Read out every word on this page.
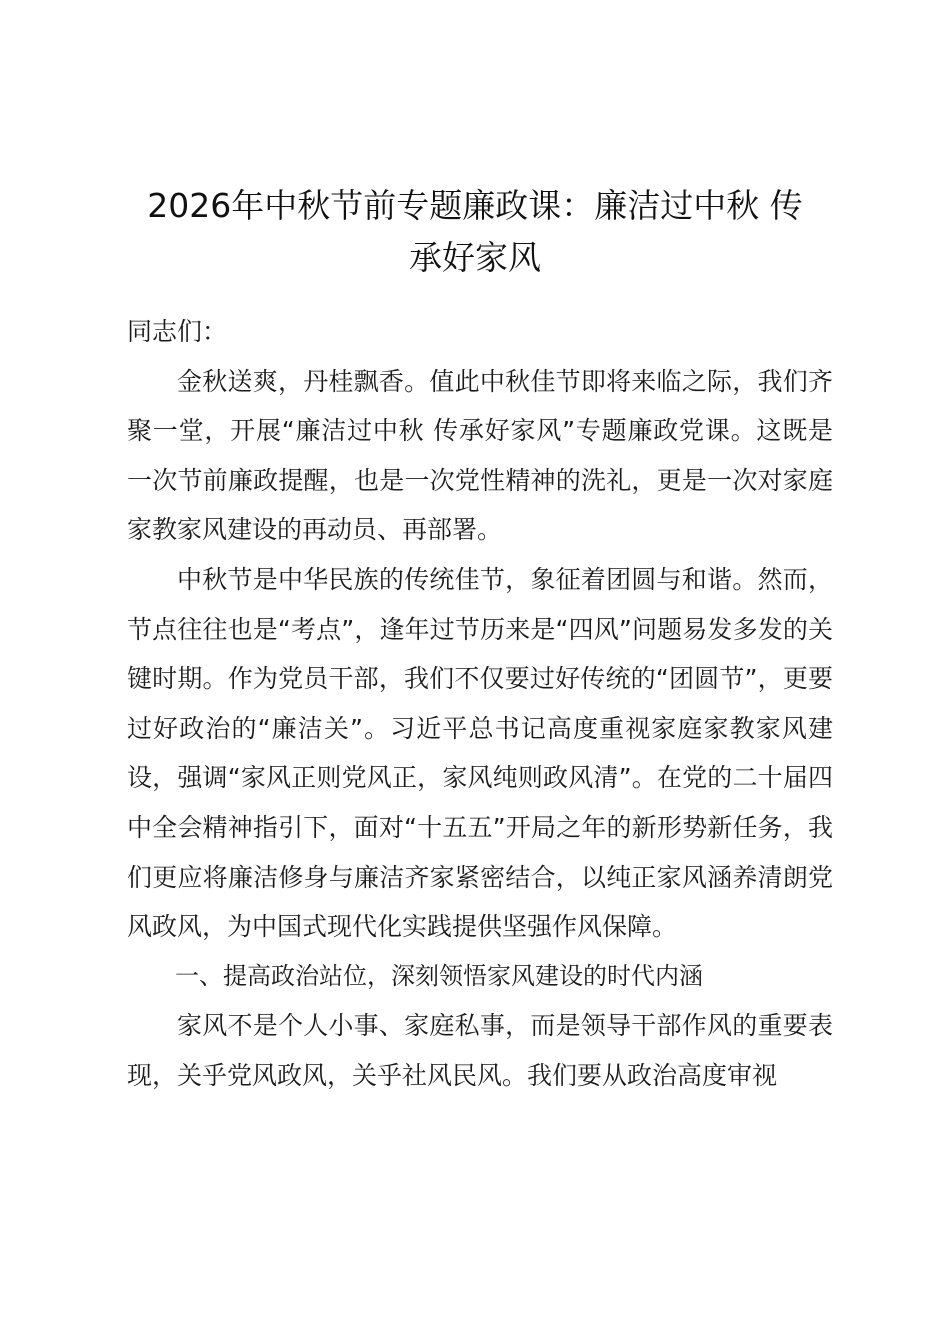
2026年中秋节前专题廉政课：廉洁过中秋 传
承好家风

同志们：

金秋送爽，丹桂飘香。值此中秋佳节即将来临之际，我们齐聚一堂，开展“廉洁过中秋 传承好家风”专题廉政党课。这既是一次节前廉政提醒，也是一次党性精神的洗礼，更是一次对家庭家教家风建设的再动员、再部署。

中秋节是中华民族的传统佳节，象征着团圆与和谐。然而，节点往往也是“考点”，逢年过节历来是“四风”问题易发多发的关键时期。作为党员干部，我们不仅要过好传统的“团圆节”，更要过好政治的“廉洁关”。习近平总书记高度重视家庭家教家风建设，强调“家风正则党风正，家风纯则政风清”。在党的二十届四中全会精神指引下，面对“十五五”开局之年的新形势新任务，我们更应将廉洁修身与廉洁齐家紧密结合，以纯正家风涵养清朗党风政风，为中国式现代化实践提供坚强作风保障。

一、提高政治站位，深刻领悟家风建设的时代内涵

家风不是个人小事、家庭私事，而是领导干部作风的重要表现，关乎党风政风，关乎社风民风。我们要从政治高度审视
